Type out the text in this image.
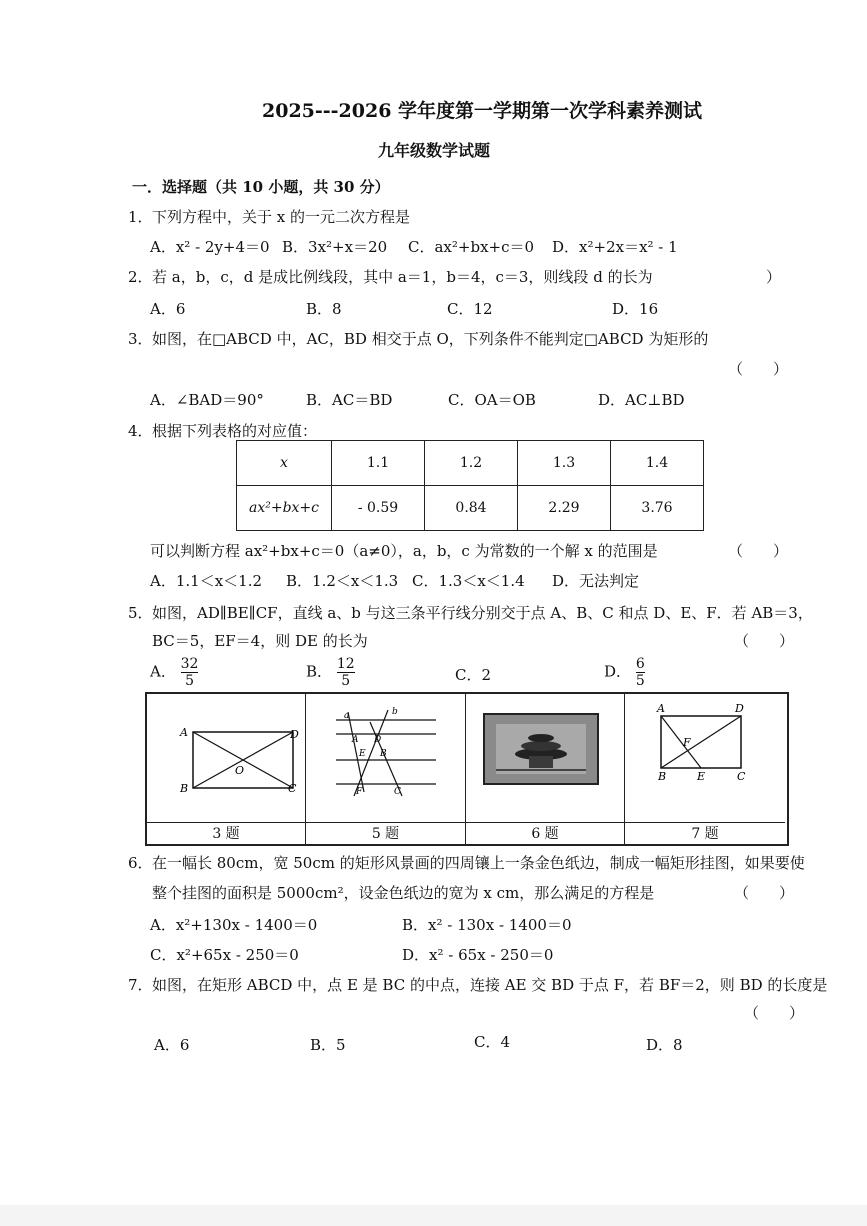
2025---2026 学年度第一学期第一次学科素养测试
九年级数学试题
一．选择题（共 10 小题，共 30 分）
1． 下列方程中，关于 x 的一元二次方程是
A．x² - 2y+4＝0 B．3x²+x＝20 C．ax²+bx+c＝0 D．x²+2x＝x² - 1
2． 若 a，b，c，d 是成比例线段，其中 a＝1，b＝4，c＝3，则线段 d 的长为	）
A．6	B．8	C．12	D．16
3． 如图，在□ABCD 中，AC，BD 相交于点 O，下列条件不能判定□ABCD 为矩形的
（　　）
A．∠BAD＝90°	B．AC＝BD	C．OA＝OB	D．AC⊥BD
4． 根据下列表格的对应值：
x	1.1	1.2	1.3	1.4
ax²+bx+c	- 0.59	0.84	2.29	3.76
可以判断方程 ax²+bx+c＝0（a≠0），a，b，c 为常数的一个解 x 的范围是	（　　）
A．1.1＜x＜1.2 B．1.2＜x＜1.3 C．1.3＜x＜1.4 D．无法判定
5． 如图，AD∥BE∥CF，直线 a、b 与这三条平行线分别交于点 A、B、C 和点 D、E、F．若 AB＝3，
BC＝5，EF＝4，则 DE 的长为	（　　）
A． $\frac{32}{5}$	B． $\frac{12}{5}$	C．2	D． $\frac{6}{5}$
A	D
B	C
O
a	b
A D
E B
F	C
A	D
F
B	E	C
3 题	5 题	6 题	7 题
6． 在一幅长 80cm，宽 50cm 的矩形风景画的四周镶上一条金色纸边，制成一幅矩形挂图，如果要使
整个挂图的面积是 5000cm²，设金色纸边的宽为 x cm，那么满足的方程是	（　　）
A．x²+130x - 1400＝0	B．x² - 130x - 1400＝0
C．x²+65x - 250＝0	D．x² - 65x - 250＝0
7． 如图，在矩形 ABCD 中，点 E 是 BC 的中点，连接 AE 交 BD 于点 F，若 BF＝2，则 BD 的长度是
（　　）
A．6	B．5	C．4	D．8
